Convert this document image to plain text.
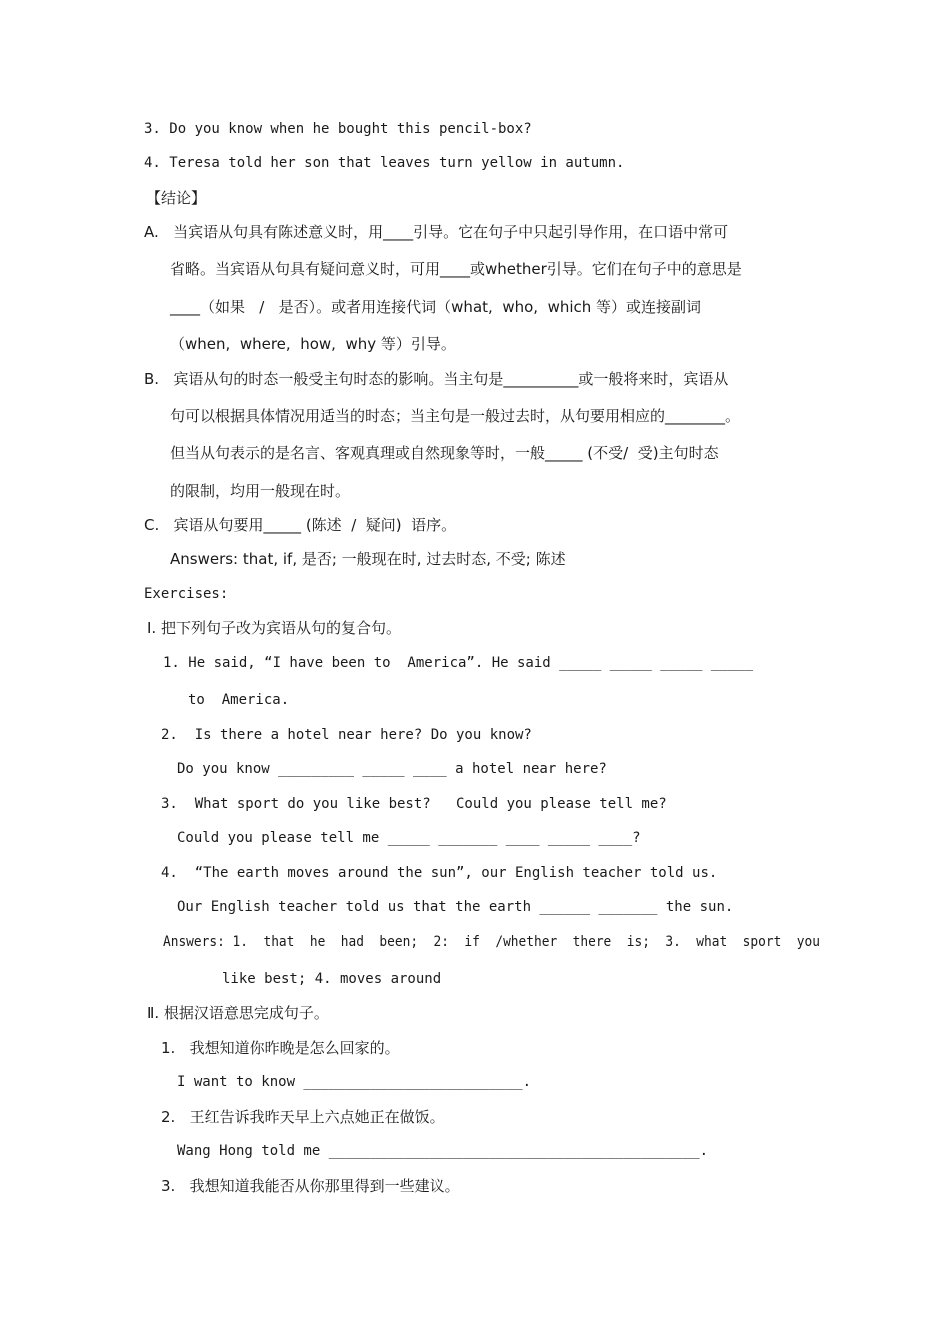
3. Do you know when he bought this pencil-box?
4. Teresa told her son that leaves turn yellow in autumn.
【结论】
A.   当宾语从句具有陈述意义时，用____引导。它在句子中只起引导作用，在口语中常可
省略。当宾语从句具有疑问意义时，可用____或whether引导。它们在句子中的意思是
____（如果   /   是否）。或者用连接代词（what,  who,  which 等）或连接副词
（when,  where,  how,  why 等）引导。
B.   宾语从句的时态一般受主句时态的影响。当主句是__________或一般将来时，宾语从
句可以根据具体情况用适当的时态；当主句是一般过去时，从句要用相应的________。
但当从句表示的是名言、客观真理或自然现象等时，一般_____ (不受/  受)主句时态
的限制，均用一般现在时。
C.   宾语从句要用_____ (陈述  /  疑问)  语序。
Answers: that, if, 是否; 一般现在时, 过去时态, 不受; 陈述
Exercises:
Ⅰ. 把下列句子改为宾语从句的复合句。
1. He said, “I have been to  America”. He said _____ _____ _____ _____
to  America.
2.  Is there a hotel near here? Do you know?
Do you know _________ _____ ____ a hotel near here?
3.  What sport do you like best?   Could you please tell me?
Could you please tell me _____ _______ ____ _____ ____?
4.  “The earth moves around the sun”, our English teacher told us.
Our English teacher told us that the earth ______ _______ the sun.
Answers: 1.  that  he  had  been;  2:  if  /whether  there  is;  3.  what  sport  you
like best; 4. moves around
Ⅱ. 根据汉语意思完成句子。
1.   我想知道你昨晚是怎么回家的。
I want to know __________________________.
2.   王红告诉我昨天早上六点她正在做饭。
Wang Hong told me ____________________________________________.
3.   我想知道我能否从你那里得到一些建议。
